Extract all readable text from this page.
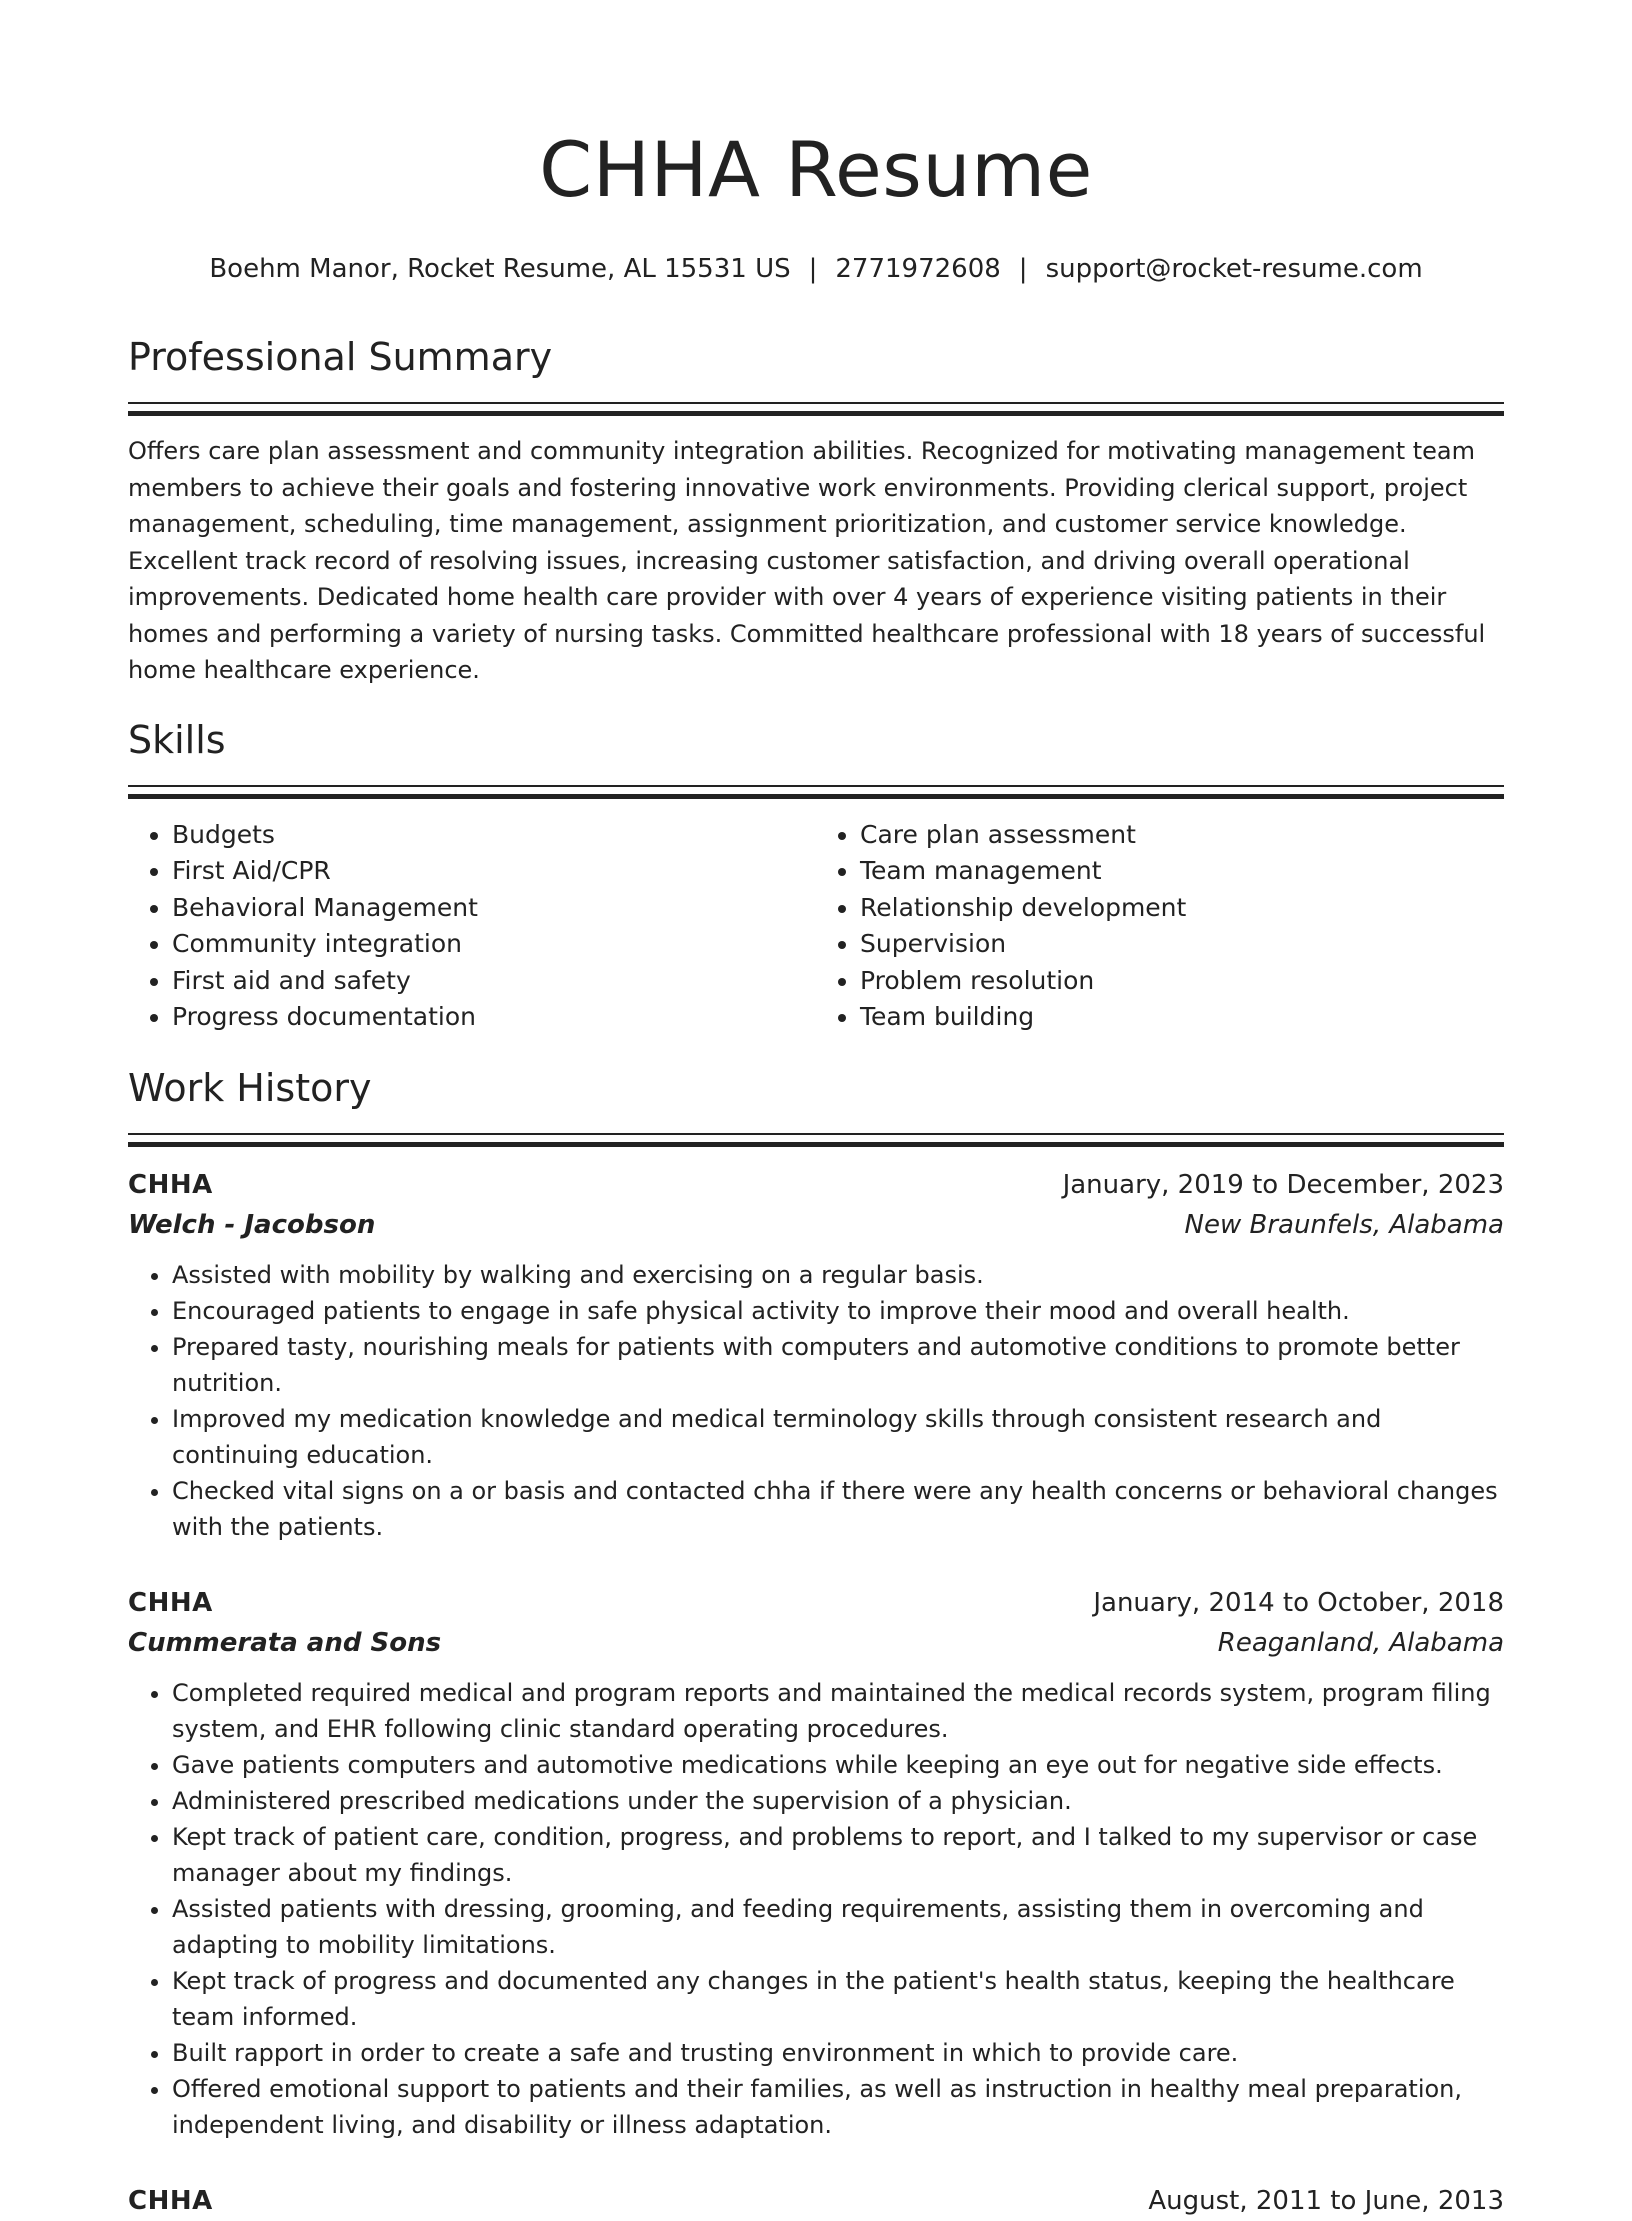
CHHA Resume
Boehm Manor, Rocket Resume, AL 15531 US | 2771972608 | support@rocket-resume.com
Professional Summary

Offers care plan assessment and community integration abilities. Recognized for motivating management team members to achieve their goals and fostering innovative work environments. Providing clerical support, project management, scheduling, time management, assignment prioritization, and customer service knowledge. Excellent track record of resolving issues, increasing customer satisfaction, and driving overall operational improvements. Dedicated home health care provider with over 4 years of experience visiting patients in their homes and performing a variety of nursing tasks. Committed healthcare professional with 18 years of successful home healthcare experience.

Skills
• Budgets
• First Aid/CPR
• Behavioral Management
• Community integration
• First aid and safety
• Progress documentation
• Care plan assessment
• Team management
• Relationship development
• Supervision
• Problem resolution
• Team building
Work History
CHHA	January, 2019 to December, 2023
Welch - Jacobson	New Braunfels, Alabama
• Assisted with mobility by walking and exercising on a regular basis.
• Encouraged patients to engage in safe physical activity to improve their mood and overall health.
• Prepared tasty, nourishing meals for patients with computers and automotive conditions to promote better nutrition.
• Improved my medication knowledge and medical terminology skills through consistent research and continuing education.
• Checked vital signs on a or basis and contacted chha if there were any health concerns or behavioral changes with the patients.
CHHA	January, 2014 to October, 2018
Cummerata and Sons	Reaganland, Alabama
• Completed required medical and program reports and maintained the medical records system, program filing system, and EHR following clinic standard operating procedures.
• Gave patients computers and automotive medications while keeping an eye out for negative side effects.
• Administered prescribed medications under the supervision of a physician.
• Kept track of patient care, condition, progress, and problems to report, and I talked to my supervisor or case manager about my findings.
• Assisted patients with dressing, grooming, and feeding requirements, assisting them in overcoming and adapting to mobility limitations.
• Kept track of progress and documented any changes in the patient's health status, keeping the healthcare team informed.
• Built rapport in order to create a safe and trusting environment in which to provide care.
• Offered emotional support to patients and their families, as well as instruction in healthy meal preparation, independent living, and disability or illness adaptation.
CHHA	August, 2011 to June, 2013
